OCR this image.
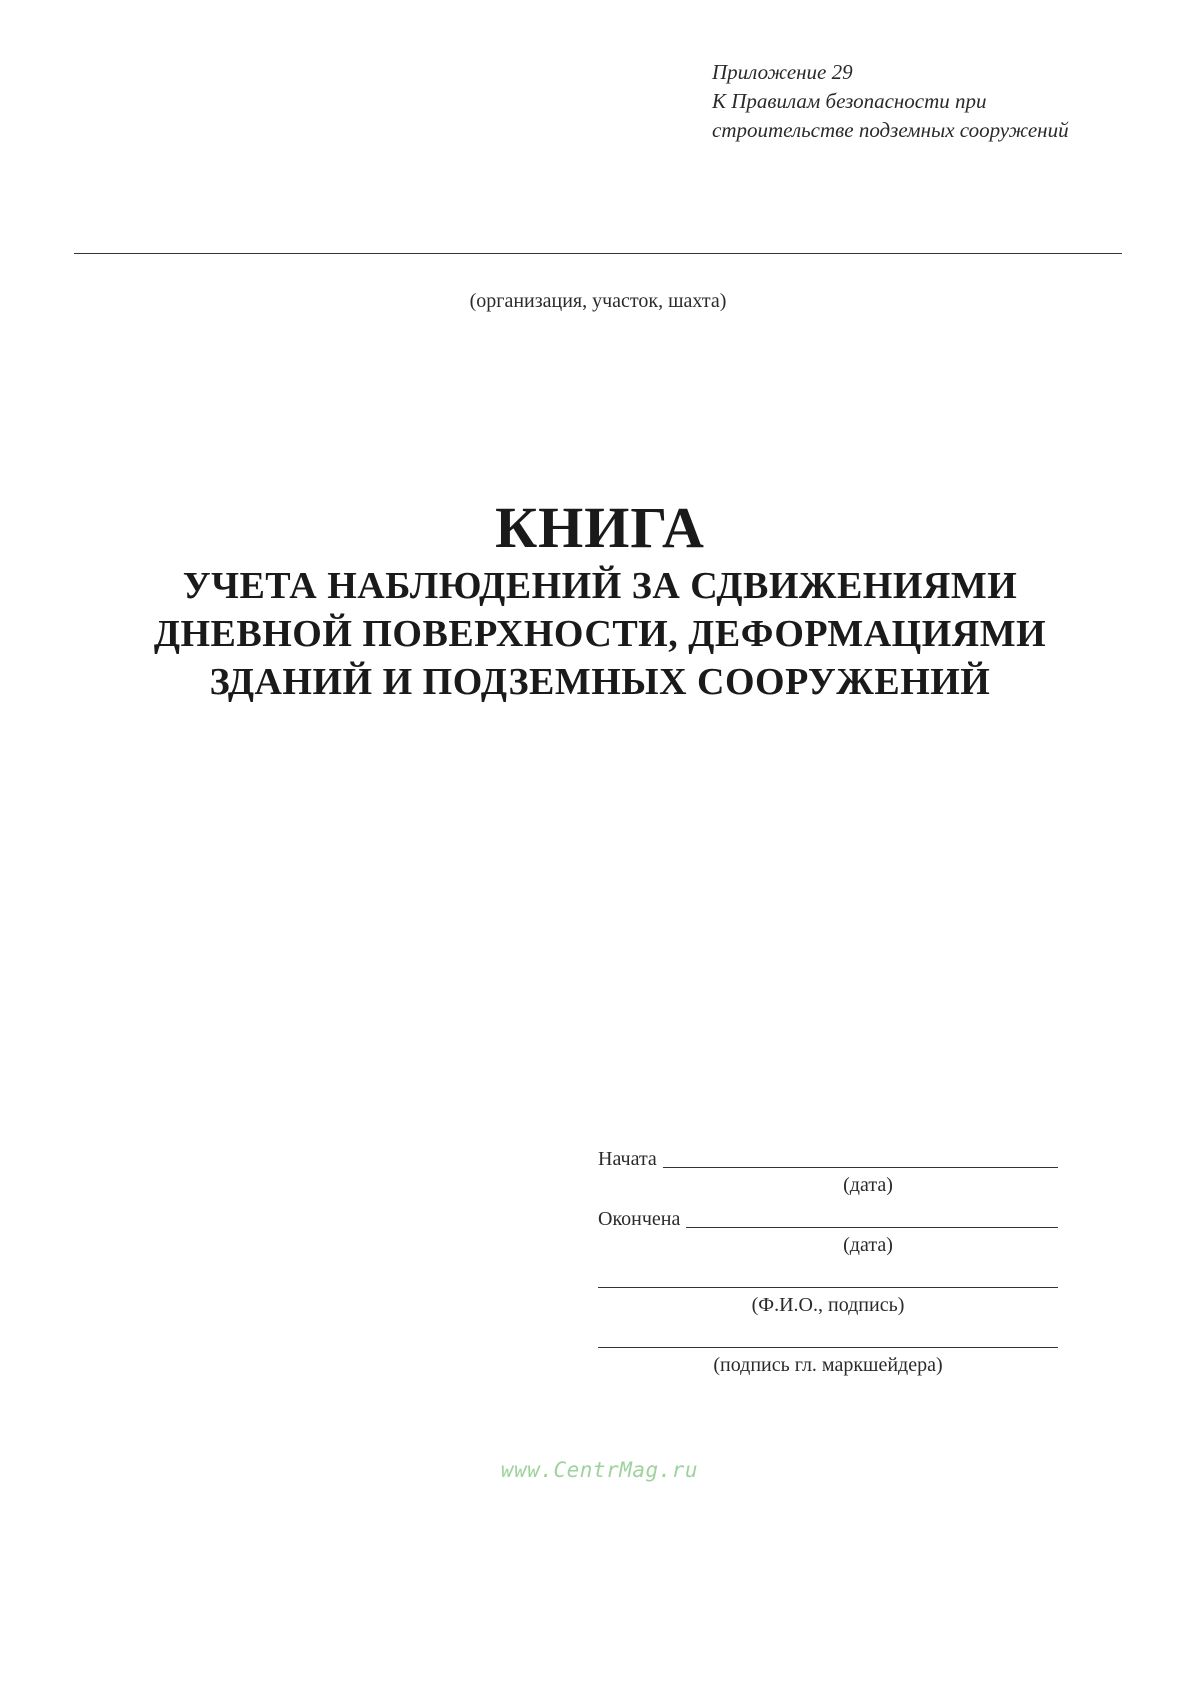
Приложение 29
К Правилам безопасности при
строительстве подземных сооружений
(организация, участок, шахта)
КНИГА
УЧЕТА НАБЛЮДЕНИЙ ЗА СДВИЖЕНИЯМИ
ДНЕВНОЙ ПОВЕРХНОСТИ, ДЕФОРМАЦИЯМИ
ЗДАНИЙ И ПОДЗЕМНЫХ СООРУЖЕНИЙ
Начата
(дата)
Окончена
(дата)
(Ф.И.О., подпись)
(подпись гл. маркшейдера)
www.CentrMag.ru
